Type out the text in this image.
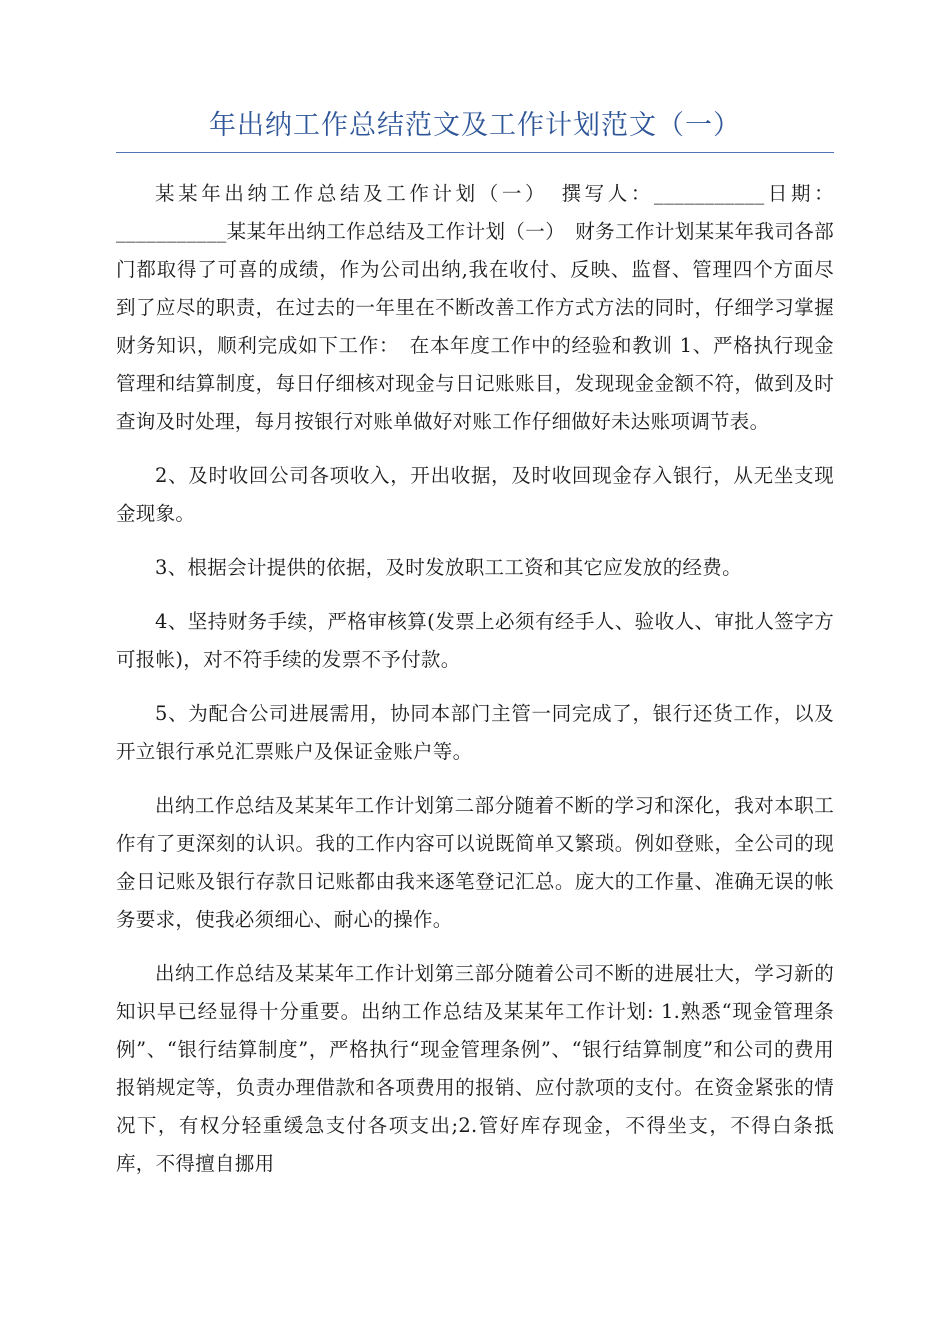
年出纳工作总结范文及工作计划范文（一）

某某年出纳工作总结及工作计划（一）　撰写人：___________日期：___________某某年出纳工作总结及工作计划（一）　财务工作计划某某年我司各部门都取得了可喜的成绩，作为公司出纳,我在收付、反映、监督、管理四个方面尽到了应尽的职责，在过去的一年里在不断改善工作方式方法的同时，仔细学习掌握财务知识，顺利完成如下工作：　在本年度工作中的经验和教训 1、严格执行现金管理和结算制度，每日仔细核对现金与日记账账目，发现现金金额不符，做到及时查询及时处理，每月按银行对账单做好对账工作仔细做好未达账项调节表。

2、及时收回公司各项收入，开出收据，及时收回现金存入银行，从无坐支现金现象。

3、根据会计提供的依据，及时发放职工工资和其它应发放的经费。

4、坚持财务手续，严格审核算(发票上必须有经手人、验收人、审批人签字方可报帐)，对不符手续的发票不予付款。

5、为配合公司进展需用，协同本部门主管一同完成了，银行还货工作，以及开立银行承兑汇票账户及保证金账户等。

出纳工作总结及某某年工作计划第二部分随着不断的学习和深化，我对本职工作有了更深刻的认识。我的工作内容可以说既简单又繁琐。例如登账，全公司的现金日记账及银行存款日记账都由我来逐笔登记汇总。庞大的工作量、准确无误的帐务要求，使我必须细心、耐心的操作。

出纳工作总结及某某年工作计划第三部分随着公司不断的进展壮大，学习新的知识早已经显得十分重要。出纳工作总结及某某年工作计划: 1.熟悉“现金管理条例”、“银行结算制度”，严格执行“现金管理条例”、“银行结算制度”和公司的费用报销规定等，负责办理借款和各项费用的报销、应付款项的支付。在资金紧张的情况下，有权分轻重缓急支付各项支出;2.管好库存现金，不得坐支，不得白条抵库，不得擅自挪用
